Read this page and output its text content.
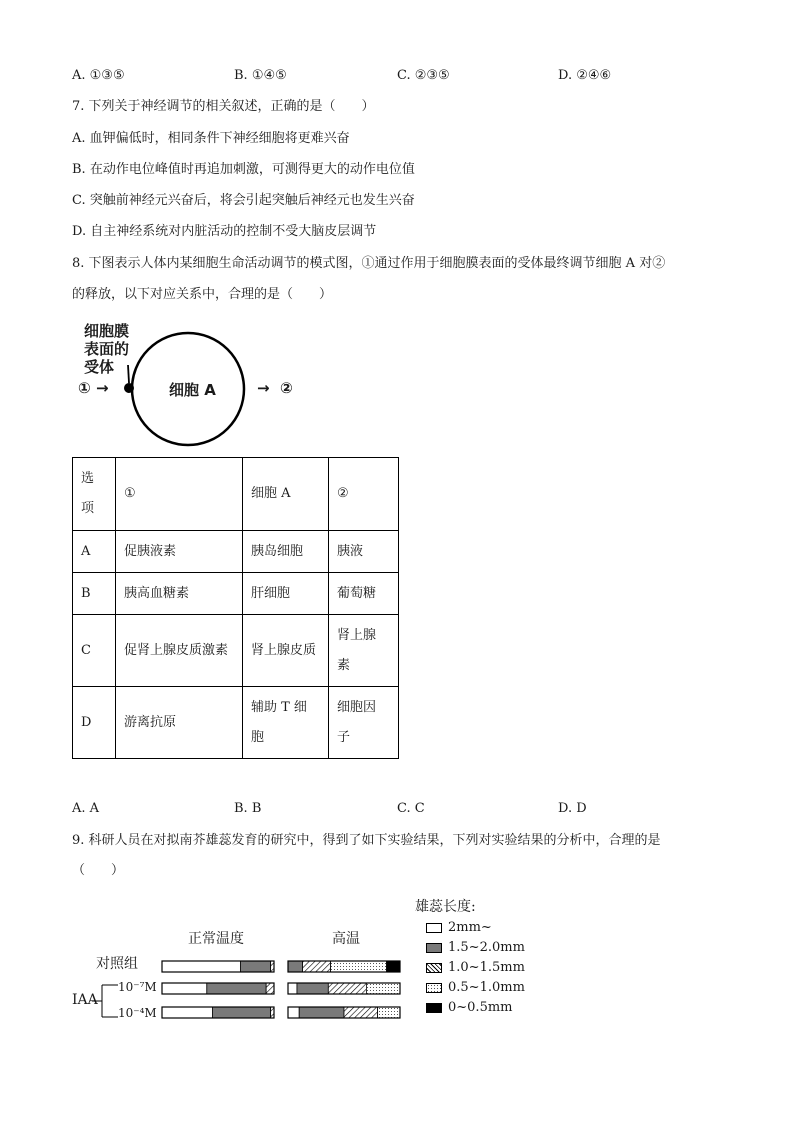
A. ①③⑤	B. ①④⑤	C. ②③⑤	D. ②④⑥
7. 下列关于神经调节的相关叙述，正确的是（　　）
A. 血钾偏低时，相同条件下神经细胞将更难兴奋
B. 在动作电位峰值时再追加刺激，可测得更大的动作电位值
C. 突触前神经元兴奋后，将会引起突触后神经元也发生兴奋
D. 自主神经系统对内脏活动的控制不受大脑皮层调节
8. 下图表示人体内某细胞生命活动调节的模式图，①通过作用于细胞膜表面的受体最终调节细胞 A 对②
的释放，以下对应关系中，合理的是（　　）
细胞膜
表面的
受体
① →	细胞 A	→ ②
选项	①	细胞 A	②
A	促胰液素	胰岛细胞	胰液
B	胰高血糖素	肝细胞	葡萄糖
C	促肾上腺皮质激素	肾上腺皮质	肾上腺素
D	游离抗原	辅助 T 细胞	细胞因子
A. A	B. B	C. C	D. D
9. 科研人员在对拟南芥雄蕊发育的研究中，得到了如下实验结果，下列对实验结果的分析中，合理的是
（　　）
正常温度	高温
对照组
10⁻⁷M
10⁻⁴M
IAA
雄蕊长度:
2mm~
1.5~2.0mm
1.0~1.5mm
0.5~1.0mm
0~0.5mm
